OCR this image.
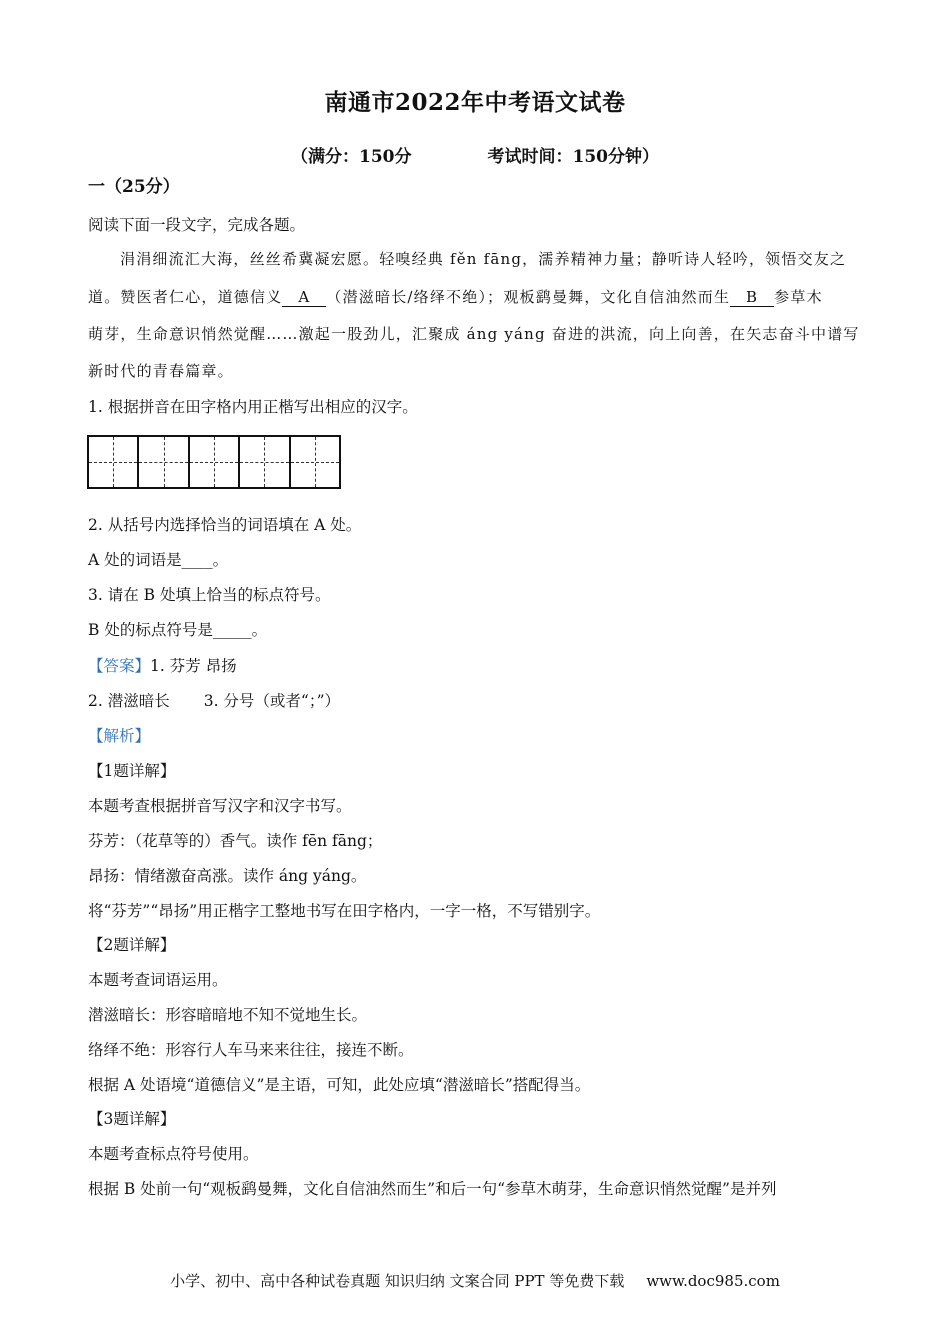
南通市2022年中考语文试卷
（满分：150分	考试时间：150分钟）
一（25分）
阅读下面一段文字，完成各题。
涓涓细流汇大海，丝丝希冀凝宏愿。轻嗅经典 fěn fāng，濡养精神力量；静听诗人轻吟，领悟交友之
道。赞医者仁心，道德信义 A （潜滋暗长/络绎不绝）；观板鹞曼舞，文化自信油然而生 B 参草木
萌芽，生命意识悄然觉醒……激起一股劲儿，汇聚成 áng yáng 奋进的洪流，向上向善，在矢志奋斗中谱写
新时代的青春篇章。
1. 根据拼音在田字格内用正楷写出相应的汉字。
2. 从括号内选择恰当的词语填在 A 处。
A 处的词语是____。
3. 请在 B 处填上恰当的标点符号。
B 处的标点符号是_____。
【答案】1. 芬芳 昂扬
2. 潜滋暗长 3. 分号（或者“；”）
【解析】
【1题详解】
本题考查根据拼音写汉字和汉字书写。
芬芳：（花草等的）香气。读作 fēn fāng；
昂扬：情绪激奋高涨。读作 áng yáng。
将“芬芳”“昂扬”用正楷字工整地书写在田字格内，一字一格，不写错别字。
【2题详解】
本题考查词语运用。
潜滋暗长：形容暗暗地不知不觉地生长。
络绎不绝：形容行人车马来来往往，接连不断。
根据 A 处语境“道德信义”是主语，可知，此处应填“潜滋暗长”搭配得当。
【3题详解】
本题考查标点符号使用。
根据 B 处前一句“观板鹞曼舞，文化自信油然而生”和后一句“参草木萌芽，生命意识悄然觉醒”是并列
小学、初中、高中各种试卷真题 知识归纳 文案合同 PPT 等免费下载 www.doc985.com
